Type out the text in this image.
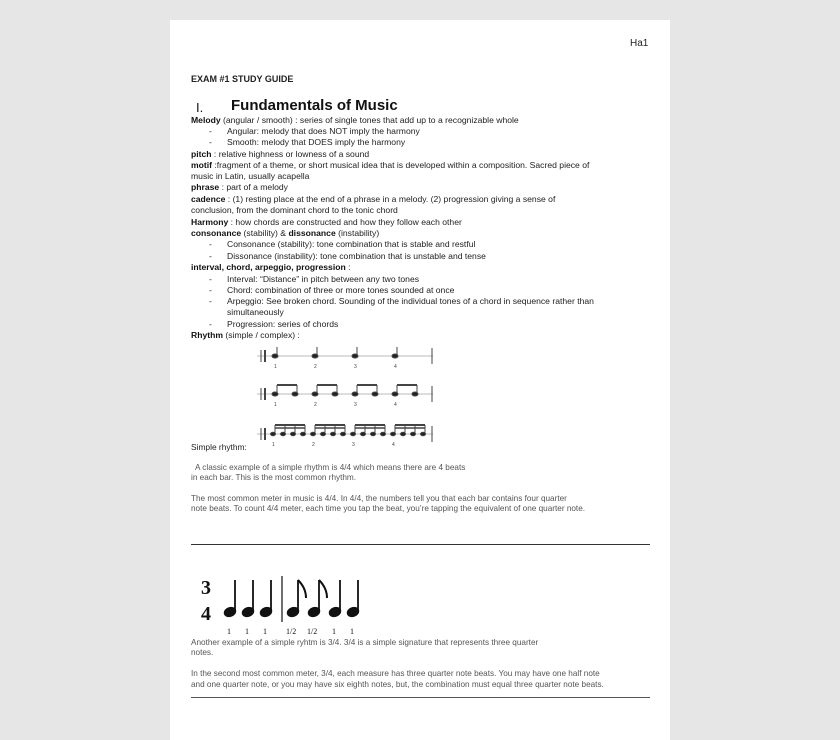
Ha1
EXAM #1 STUDY GUIDE
I. Fundamentals of Music
Melody (angular / smooth) : series of single tones that add up to a recognizable whole
- Angular: melody that does NOT imply the harmony
- Smooth: melody that DOES imply the harmony
pitch : relative highness or lowness of a sound
motif :fragment of a theme, or short musical idea that is developed within a composition. Sacred piece of
music in Latin, usually acapella
phrase : part of a melody
cadence : (1) resting place at the end of a phrase in a melody. (2) progression giving a sense of
conclusion, from the dominant chord to the tonic chord
Harmony : how chords are constructed and how they follow each other
consonance (stability) & dissonance (instability)
- Consonance (stability): tone combination that is stable and restful
- Dissonance (instability): tone combination that is unstable and tense
interval, chord, arpeggio, progression :
- Interval: “Distance” in pitch between any two tones
- Chord: combination of three or more tones sounded at once
- Arpeggio: See broken chord. Sounding of the individual tones of a chord in sequence rather than
simultaneously
- Progression: series of chords
Rhythm (simple / complex) :
1	2	3	4
1	2	3	4
1	2	3	4
Simple rhythm:
A classic example of a simple rhythm is 4/4 which means there are 4 beats
in each bar. This is the most common rhythm.
The most common meter in music is 4/4. In 4/4, the numbers tell you that each bar contains four quarter
note beats. To count 4/4 meter, each time you tap the beat, you’re tapping the equivalent of one quarter note.
3
4
1 1 1 1/2 1/2 1 1
Another example of a simple ryhtm is 3/4. 3/4 is a simple signature that represents three quarter
notes.
In the second most common meter, 3/4, each measure has three quarter note beats. You may have one half note
and one quarter note, or you may have six eighth notes, but, the combination must equal three quarter note beats.
